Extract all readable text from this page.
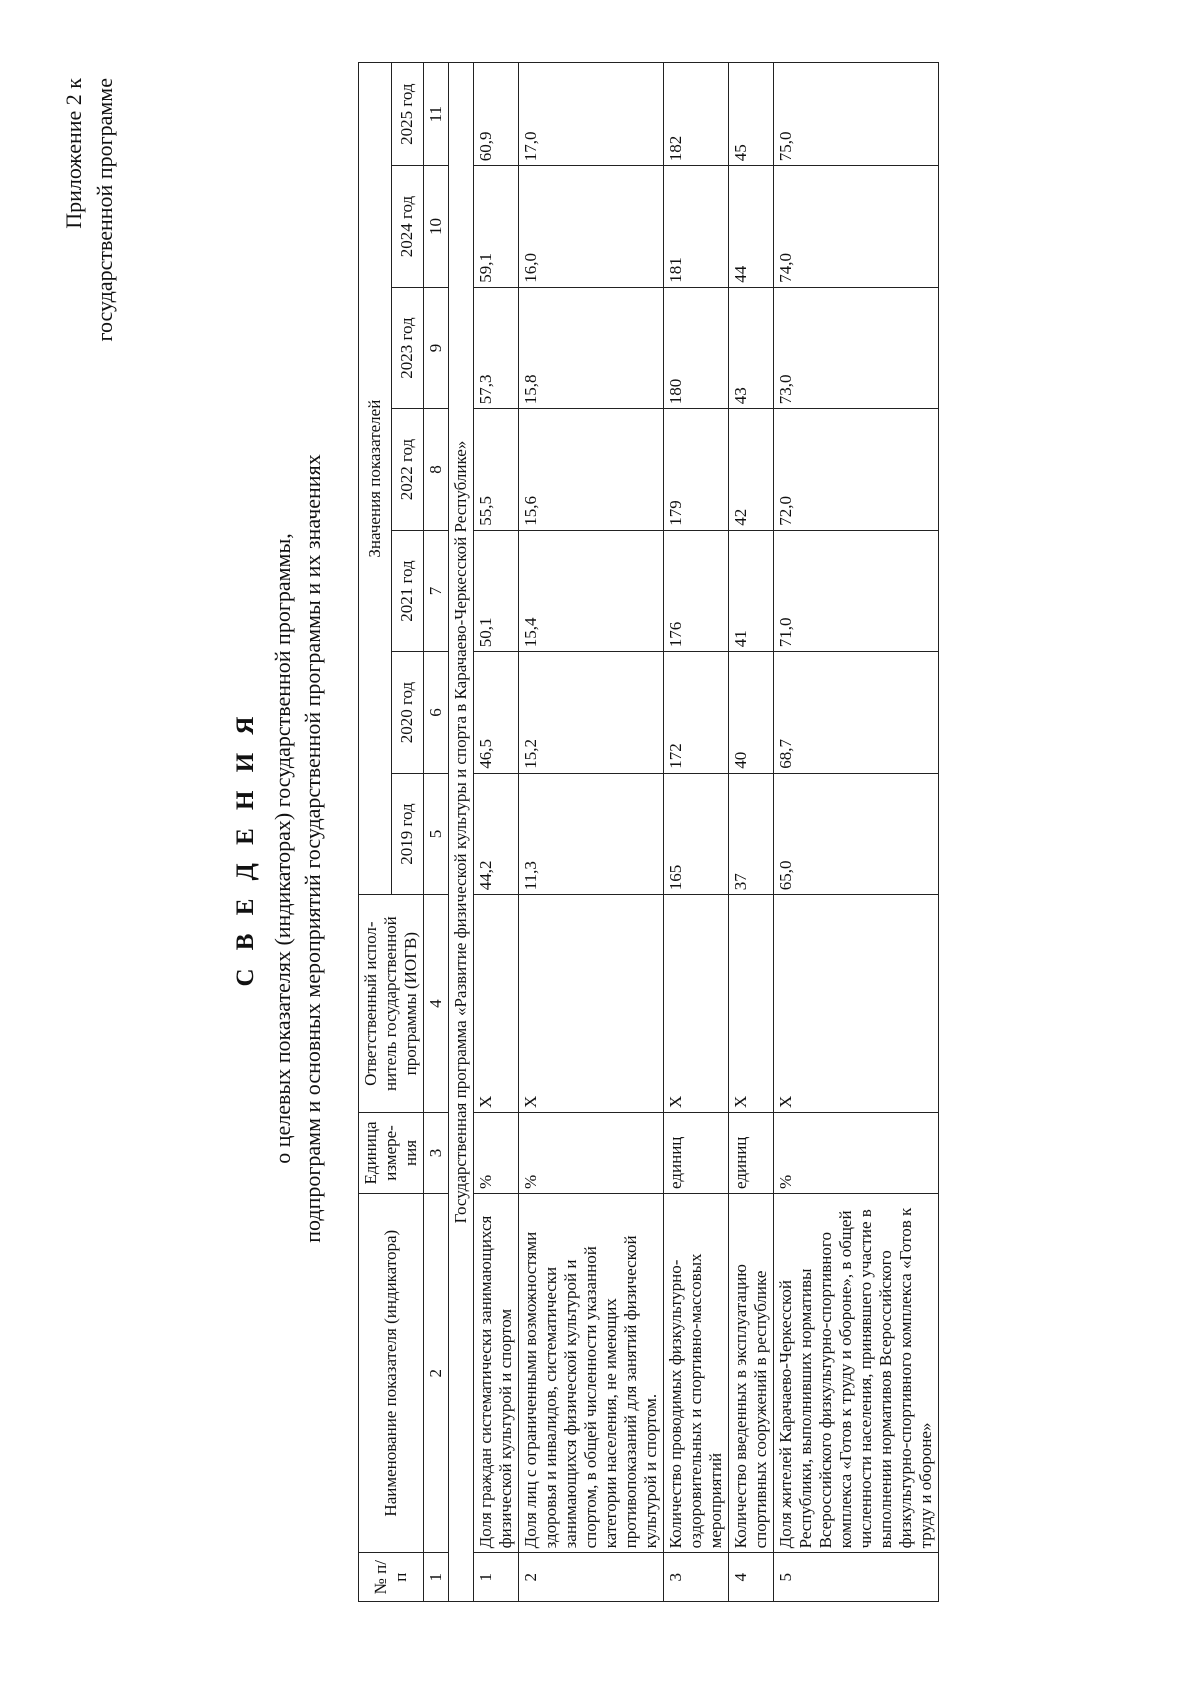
Приложение 2 к государственной программе
С В Е Д Е Н И Я о целевых показателях (индикаторах) государственной программы, подпрограмм и основных мероприятий государственной программы и их значениях
№ п/п	Наименование показателя (индикатора)	Единица измере-ния	Ответственный испол-нитель государственной программы (ИОГВ)	Значения показателей						
				2019 год	2020 год	2021 год	2022 год	2023 год	2024 год	2025 год
1	2	3	4	5	6	7	8	9	10	11
Государственная программа «Развитие физической культуры и спорта в Карачаево-Черкесской Республике»										
1	Доля граждан систематически занимающихся физической культурой и спортом	%	X	44,2	46,5	50,1	55,5	57,3	59,1	60,9
2	Доля лиц с ограниченными возможностями здоровья и инвалидов, систематически занимающихся физической культурой и спортом, в общей численности указанной категории населения, не имеющих противопоказаний для занятий физической культурой и спортом.	%	X	11,3	15,2	15,4	15,6	15,8	16,0	17,0
3	Количество проводимых физкультурно-оздоровительных и спортивно-массовых мероприятий	единиц	X	165	172	176	179	180	181	182
4	Количество введенных в эксплуатацию спортивных сооружений в республике	единиц	X	37	40	41	42	43	44	45
5	Доля жителей Карачаево-Черкесской Республики, выполнивших нормативы Всероссийского физкультурно-спортивного комплекса «Готов к труду и обороне», в общей численности населения, принявшего участие в выполнении нормативов Всероссийского физкультурно-спортивного комплекса «Готов к труду и обороне»	%	X	65,0	68,7	71,0	72,0	73,0	74,0	75,0
